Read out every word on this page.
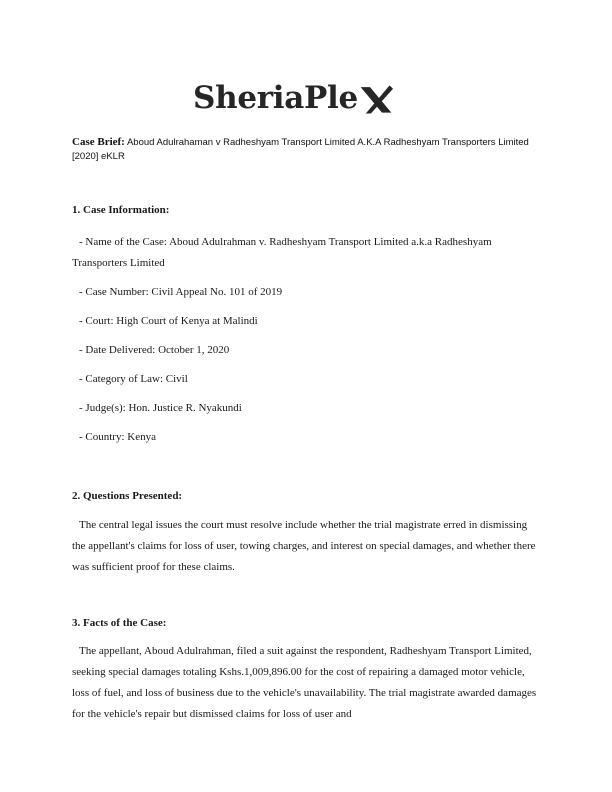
SheriaPle
Case Brief: Aboud Adulrahaman v Radheshyam Transport Limited A.K.A Radheshyam Transporters Limited [2020] eKLR

1. Case Information:

- Name of the Case: Aboud Adulrahman v. Radheshyam Transport Limited a.k.a Radheshyam Transporters Limited

- Case Number: Civil Appeal No. 101 of 2019

- Court: High Court of Kenya at Malindi

- Date Delivered: October 1, 2020

- Category of Law: Civil

- Judge(s): Hon. Justice R. Nyakundi

- Country: Kenya

2. Questions Presented:

The central legal issues the court must resolve include whether the trial magistrate erred in dismissing the appellant's claims for loss of user, towing charges, and interest on special damages, and whether there was sufficient proof for these claims.

3. Facts of the Case:

The appellant, Aboud Adulrahman, filed a suit against the respondent, Radheshyam Transport Limited, seeking special damages totaling Kshs.1,009,896.00 for the cost of repairing a damaged motor vehicle, loss of fuel, and loss of business due to the vehicle's unavailability. The trial magistrate awarded damages for the vehicle's repair but dismissed claims for loss of user and
